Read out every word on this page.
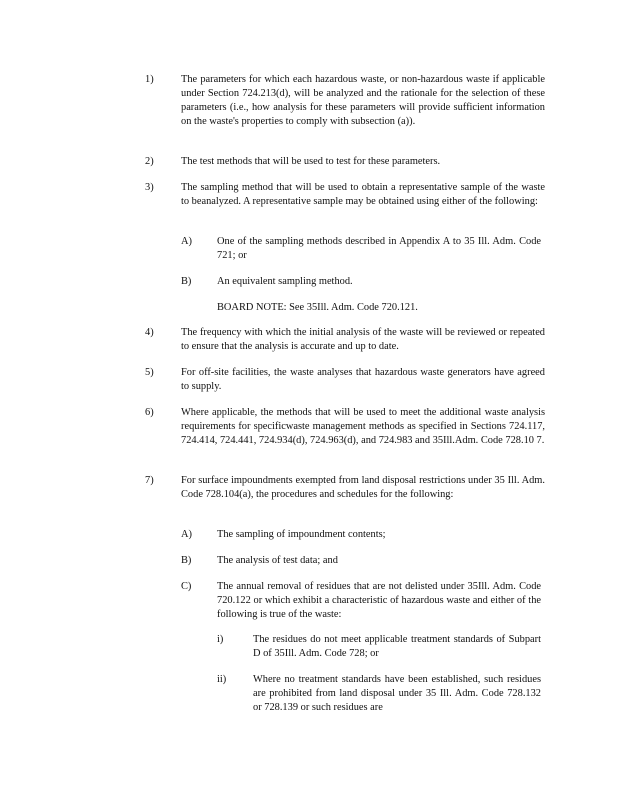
1)	The parameters for which each hazardous waste, or non-hazardous waste if applicable under Section 724.213(d), will be analyzed and the rationale for the selection of these parameters (i.e., how analysis for these parameters will provide sufficient information on the waste's properties to comply with subsection (a)).
2)	The test methods that will be used to test for these parameters.
3)	The sampling method that will be used to obtain a representative sample of the waste to beanalyzed. A representative sample may be obtained using either of the following:
A) One of the sampling methods described in Appendix A to 35 Ill. Adm. Code 721; or
B) An equivalent sampling method.
BOARD NOTE: See 35Ill. Adm. Code 720.121.
4)	The frequency with which the initial analysis of the waste will be reviewed or repeated to ensure that the analysis is accurate and up to date.
5)	For off-site facilities, the waste analyses that hazardous waste generators have agreed to supply.
6)	Where applicable, the methods that will be used to meet the additional waste analysis requirements for specificwaste management methods as specified in Sections 724.117, 724.414, 724.441, 724.934(d), 724.963(d), and 724.983 and 35Ill.Adm. Code 728.10 7.
7)	For surface impoundments exempted from land disposal restrictions under 35 Ill. Adm. Code 728.104(a), the procedures and schedules for the following:
A) The sampling of impoundment contents;
B) The analysis of test data; and
C) The annual removal of residues that are not delisted under 35Ill. Adm. Code 720.122 or which exhibit a characteristic of hazardous waste and either of the following is true of the waste:
i)	The residues do not meet applicable treatment standards of Subpart D of 35Ill. Adm. Code 728; or
ii)	Where no treatment standards have been established, such residues are prohibited from land disposal under 35 Ill. Adm. Code 728.132 or 728.139 or such residues are
